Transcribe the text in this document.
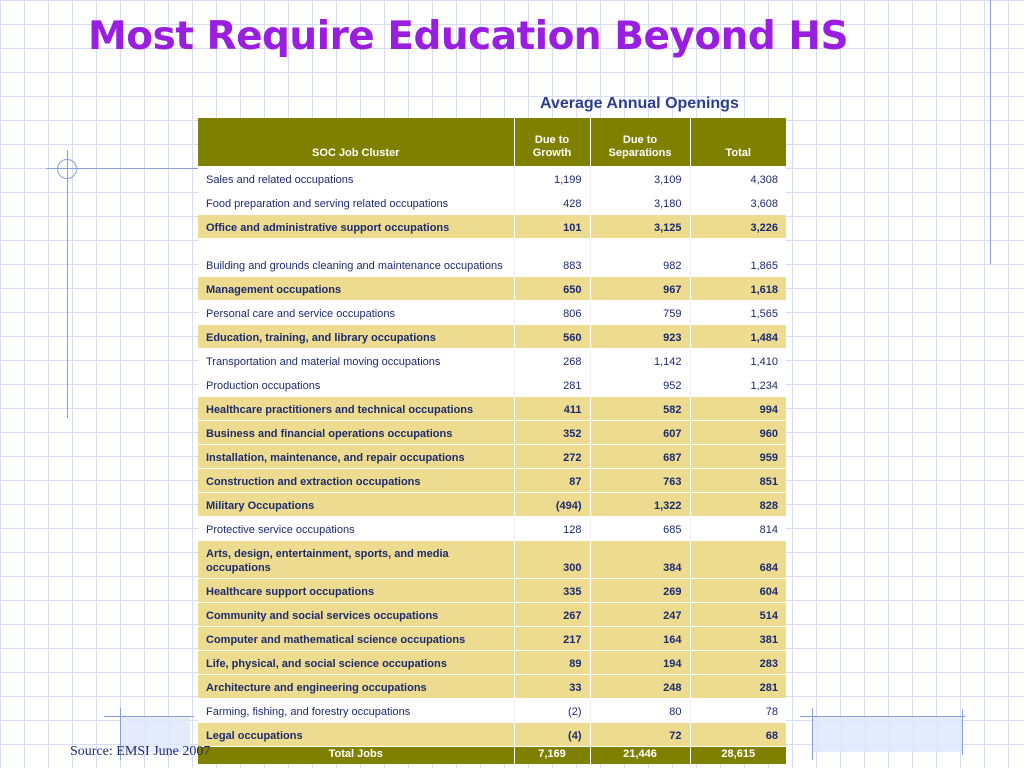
Most Require Education Beyond HS

Average Annual Openings

SOC Job Cluster	Due to Growth	Due to Separations	Total
Sales and related occupations	1,199	3,109	4,308
Food preparation and serving related occupations	428	3,180	3,608
Office and administrative support occupations	101	3,125	3,226
Building and grounds cleaning and maintenance occupations	883	982	1,865
Management occupations	650	967	1,618
Personal care and service occupations	806	759	1,565
Education, training, and library occupations	560	923	1,484
Transportation and material moving occupations	268	1,142	1,410
Production occupations	281	952	1,234
Healthcare practitioners and technical occupations	411	582	994
Business and financial operations occupations	352	607	960
Installation, maintenance, and repair occupations	272	687	959
Construction and extraction occupations	87	763	851
Military Occupations	(494)	1,322	828
Protective service occupations	128	685	814
Arts, design, entertainment, sports, and media occupations	300	384	684
Healthcare support occupations	335	269	604
Community and social services occupations	267	247	514
Computer and mathematical science occupations	217	164	381
Life, physical, and social science occupations	89	194	283
Architecture and engineering occupations	33	248	281
Farming, fishing, and forestry occupations	(2)	80	78
Legal occupations	(4)	72	68
Total Jobs	7,169	21,446	28,615

Source: EMSI June 2007
